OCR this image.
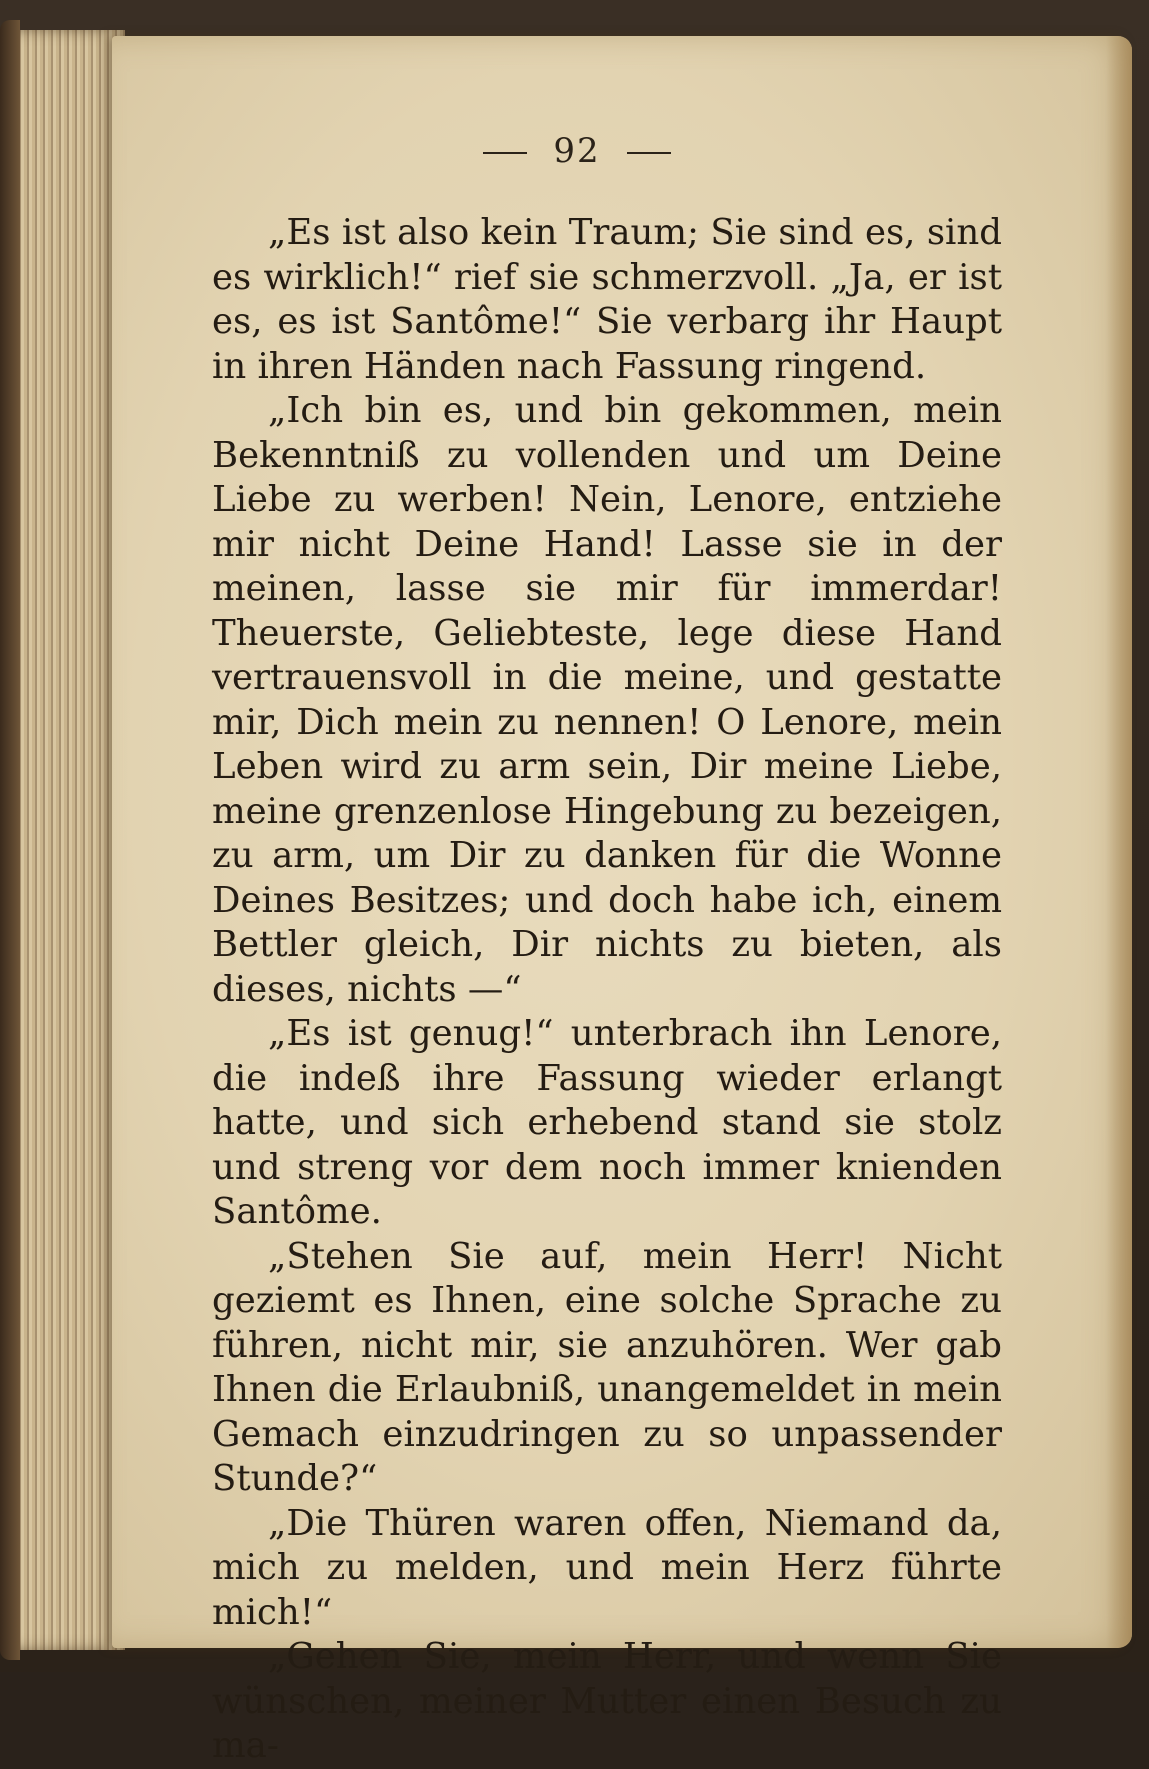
92

„Es ist also kein Traum; Sie sind es, sind es wirklich!“ rief sie schmerzvoll. „Ja, er ist es, es ist Santôme!“ Sie verbarg ihr Haupt in ihren Händen nach Fassung ringend.

„Ich bin es, und bin gekommen, mein Bekenntniß zu vollenden und um Deine Liebe zu werben! Nein, Lenore, entziehe mir nicht Deine Hand! Lasse sie in der meinen, lasse sie mir für immerdar! Theuerste, Geliebteste, lege diese Hand vertrauensvoll in die meine, und gestatte mir, Dich mein zu nennen! O Lenore, mein Leben wird zu arm sein, Dir meine Liebe, meine grenzenlose Hingebung zu bezeigen, zu arm, um Dir zu danken für die Wonne Deines Besitzes; und doch habe ich, einem Bettler gleich, Dir nichts zu bieten, als dieses, nichts —“

„Es ist genug!“ unterbrach ihn Lenore, die indeß ihre Fassung wieder erlangt hatte, und sich erhebend stand sie stolz und streng vor dem noch immer knienden Santôme.

„Stehen Sie auf, mein Herr! Nicht geziemt es Ihnen, eine solche Sprache zu führen, nicht mir, sie anzuhören. Wer gab Ihnen die Erlaubniß, unangemeldet in mein Gemach einzudringen zu so unpassender Stunde?“

„Die Thüren waren offen, Niemand da, mich zu melden, und mein Herz führte mich!“

„Gehen Sie, mein Herr, und wenn Sie wünschen, meiner Mutter einen Besuch zu ma-
